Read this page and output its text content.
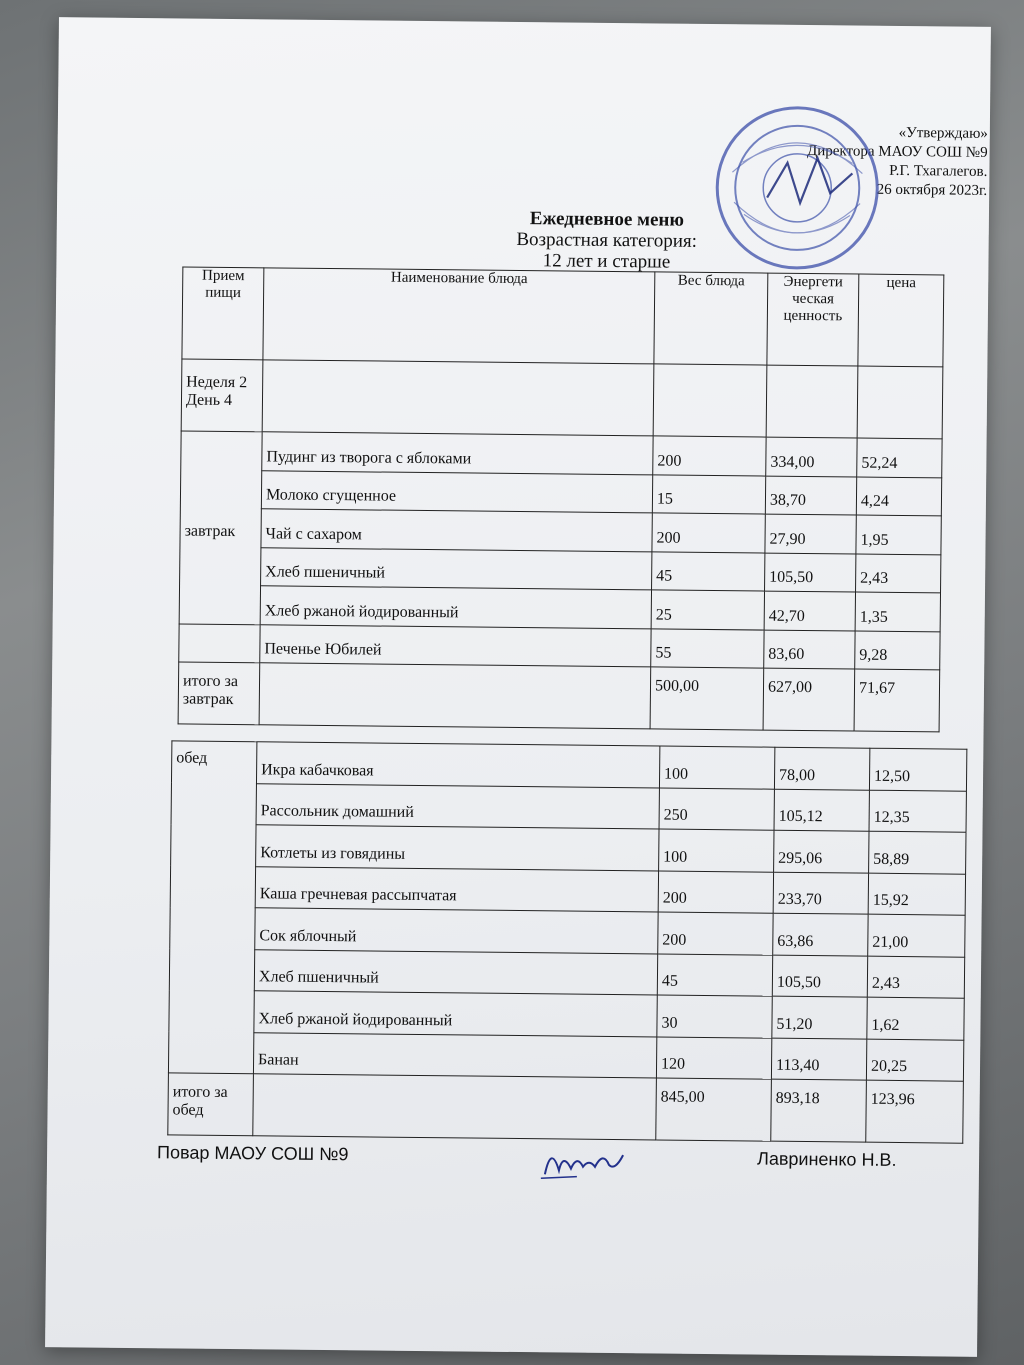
«Утверждаю»
Директора МАОУ СОШ №9
Р.Г. Тхагалегов.
26 октября 2023г.
Ежедневное меню
Возрастная категория:
12 лет и старше
Прием пищи	Наименование блюда	Вес блюда	Энергети ческая ценность	цена
Неделя 2 День 4				
завтрак	Пудинг из творога с яблоками	200	334,00	52,24
	Молоко сгущенное	15	38,70	4,24
	Чай с сахаром	200	27,90	1,95
	Хлеб пшеничный	45	105,50	2,43
	Хлеб ржаной йодированный	25	42,70	1,35
	Печенье Юбилей	55	83,60	9,28
итого за завтрак		500,00	627,00	71,67
обед	Икра кабачковая	100	78,00	12,50
	Рассольник домашний	250	105,12	12,35
	Котлеты из говядины	100	295,06	58,89
	Каша гречневая рассыпчатая	200	233,70	15,92
	Сок яблочный	200	63,86	21,00
	Хлеб пшеничный	45	105,50	2,43
	Хлеб ржаной йодированный	30	51,20	1,62
	Банан	120	113,40	20,25
итого за обед		845,00	893,18	123,96
Повар МАОУ СОШ №9	Лавриненко Н.В.
